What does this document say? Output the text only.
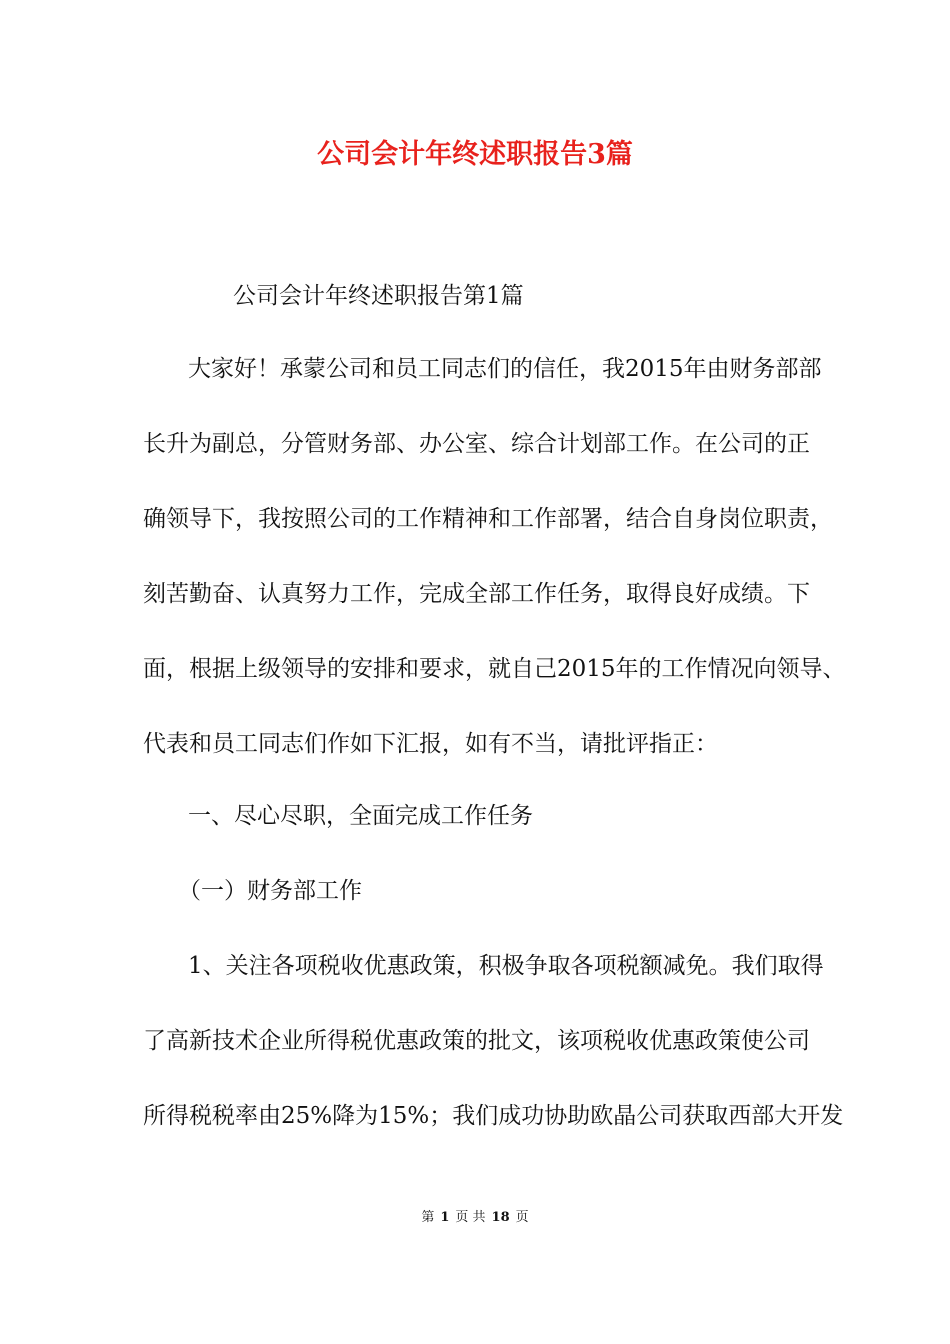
公司会计年终述职报告3篇
公司会计年终述职报告第1篇
大家好！承蒙公司和员工同志们的信任，我2015年由财务部部
长升为副总，分管财务部、办公室、综合计划部工作。在公司的正
确领导下，我按照公司的工作精神和工作部署，结合自身岗位职责，
刻苦勤奋、认真努力工作，完成全部工作任务，取得良好成绩。下
面，根据上级领导的安排和要求，就自己2015年的工作情况向领导、
代表和员工同志们作如下汇报，如有不当，请批评指正：
一、尽心尽职，全面完成工作任务
（一）财务部工作
1、关注各项税收优惠政策，积极争取各项税额减免。我们取得
了高新技术企业所得税优惠政策的批文，该项税收优惠政策使公司
所得税税率由25%降为15%；我们成功协助欧晶公司获取西部大开发
第 1 页 共 18 页
